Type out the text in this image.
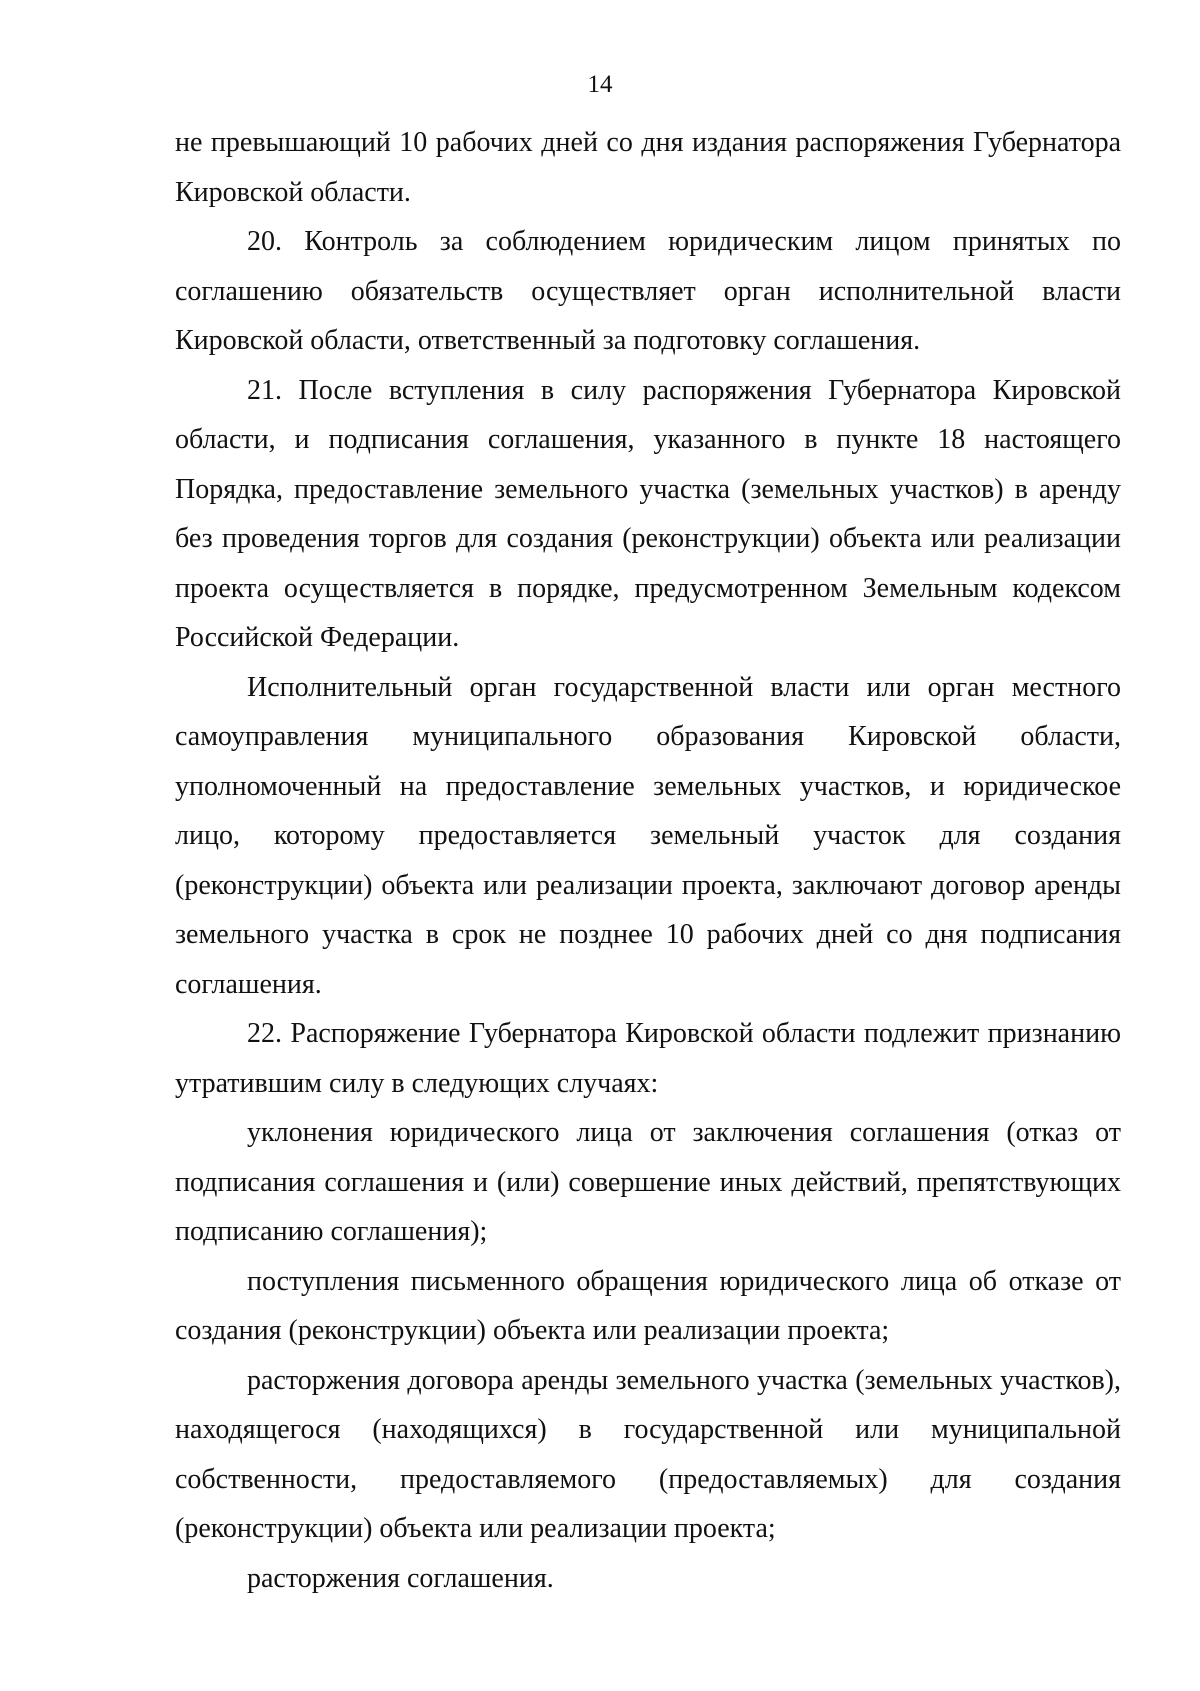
14

не превышающий 10 рабочих дней со дня издания распоряжения Губернатора Кировской области.

20. Контроль за соблюдением юридическим лицом принятых по соглашению обязательств осуществляет орган исполнительной власти Кировской области, ответственный за подготовку соглашения.

21. После вступления в силу распоряжения Губернатора Кировской области, и подписания соглашения, указанного в пункте 18 настоящего Порядка, предоставление земельного участка (земельных участков) в аренду без проведения торгов для создания (реконструкции) объекта или реализации проекта осуществляется в порядке, предусмотренном Земельным кодексом Российской Федерации.

Исполнительный орган государственной власти или орган местного самоуправления муниципального образования Кировской области, уполномоченный на предоставление земельных участков, и юридическое лицо, которому предоставляется земельный участок для создания (реконструкции) объекта или реализации проекта, заключают договор аренды земельного участка в срок не позднее 10 рабочих дней со дня подписания соглашения.

22. Распоряжение Губернатора Кировской области подлежит признанию утратившим силу в следующих случаях:

уклонения юридического лица от заключения соглашения (отказ от подписания соглашения и (или) совершение иных действий, препятствующих подписанию соглашения);

поступления письменного обращения юридического лица об отказе от создания (реконструкции) объекта или реализации проекта;

расторжения договора аренды земельного участка (земельных участков), находящегося (находящихся) в государственной или муниципальной собственности, предоставляемого (предоставляемых) для создания (реконструкции) объекта или реализации проекта;

расторжения соглашения.
